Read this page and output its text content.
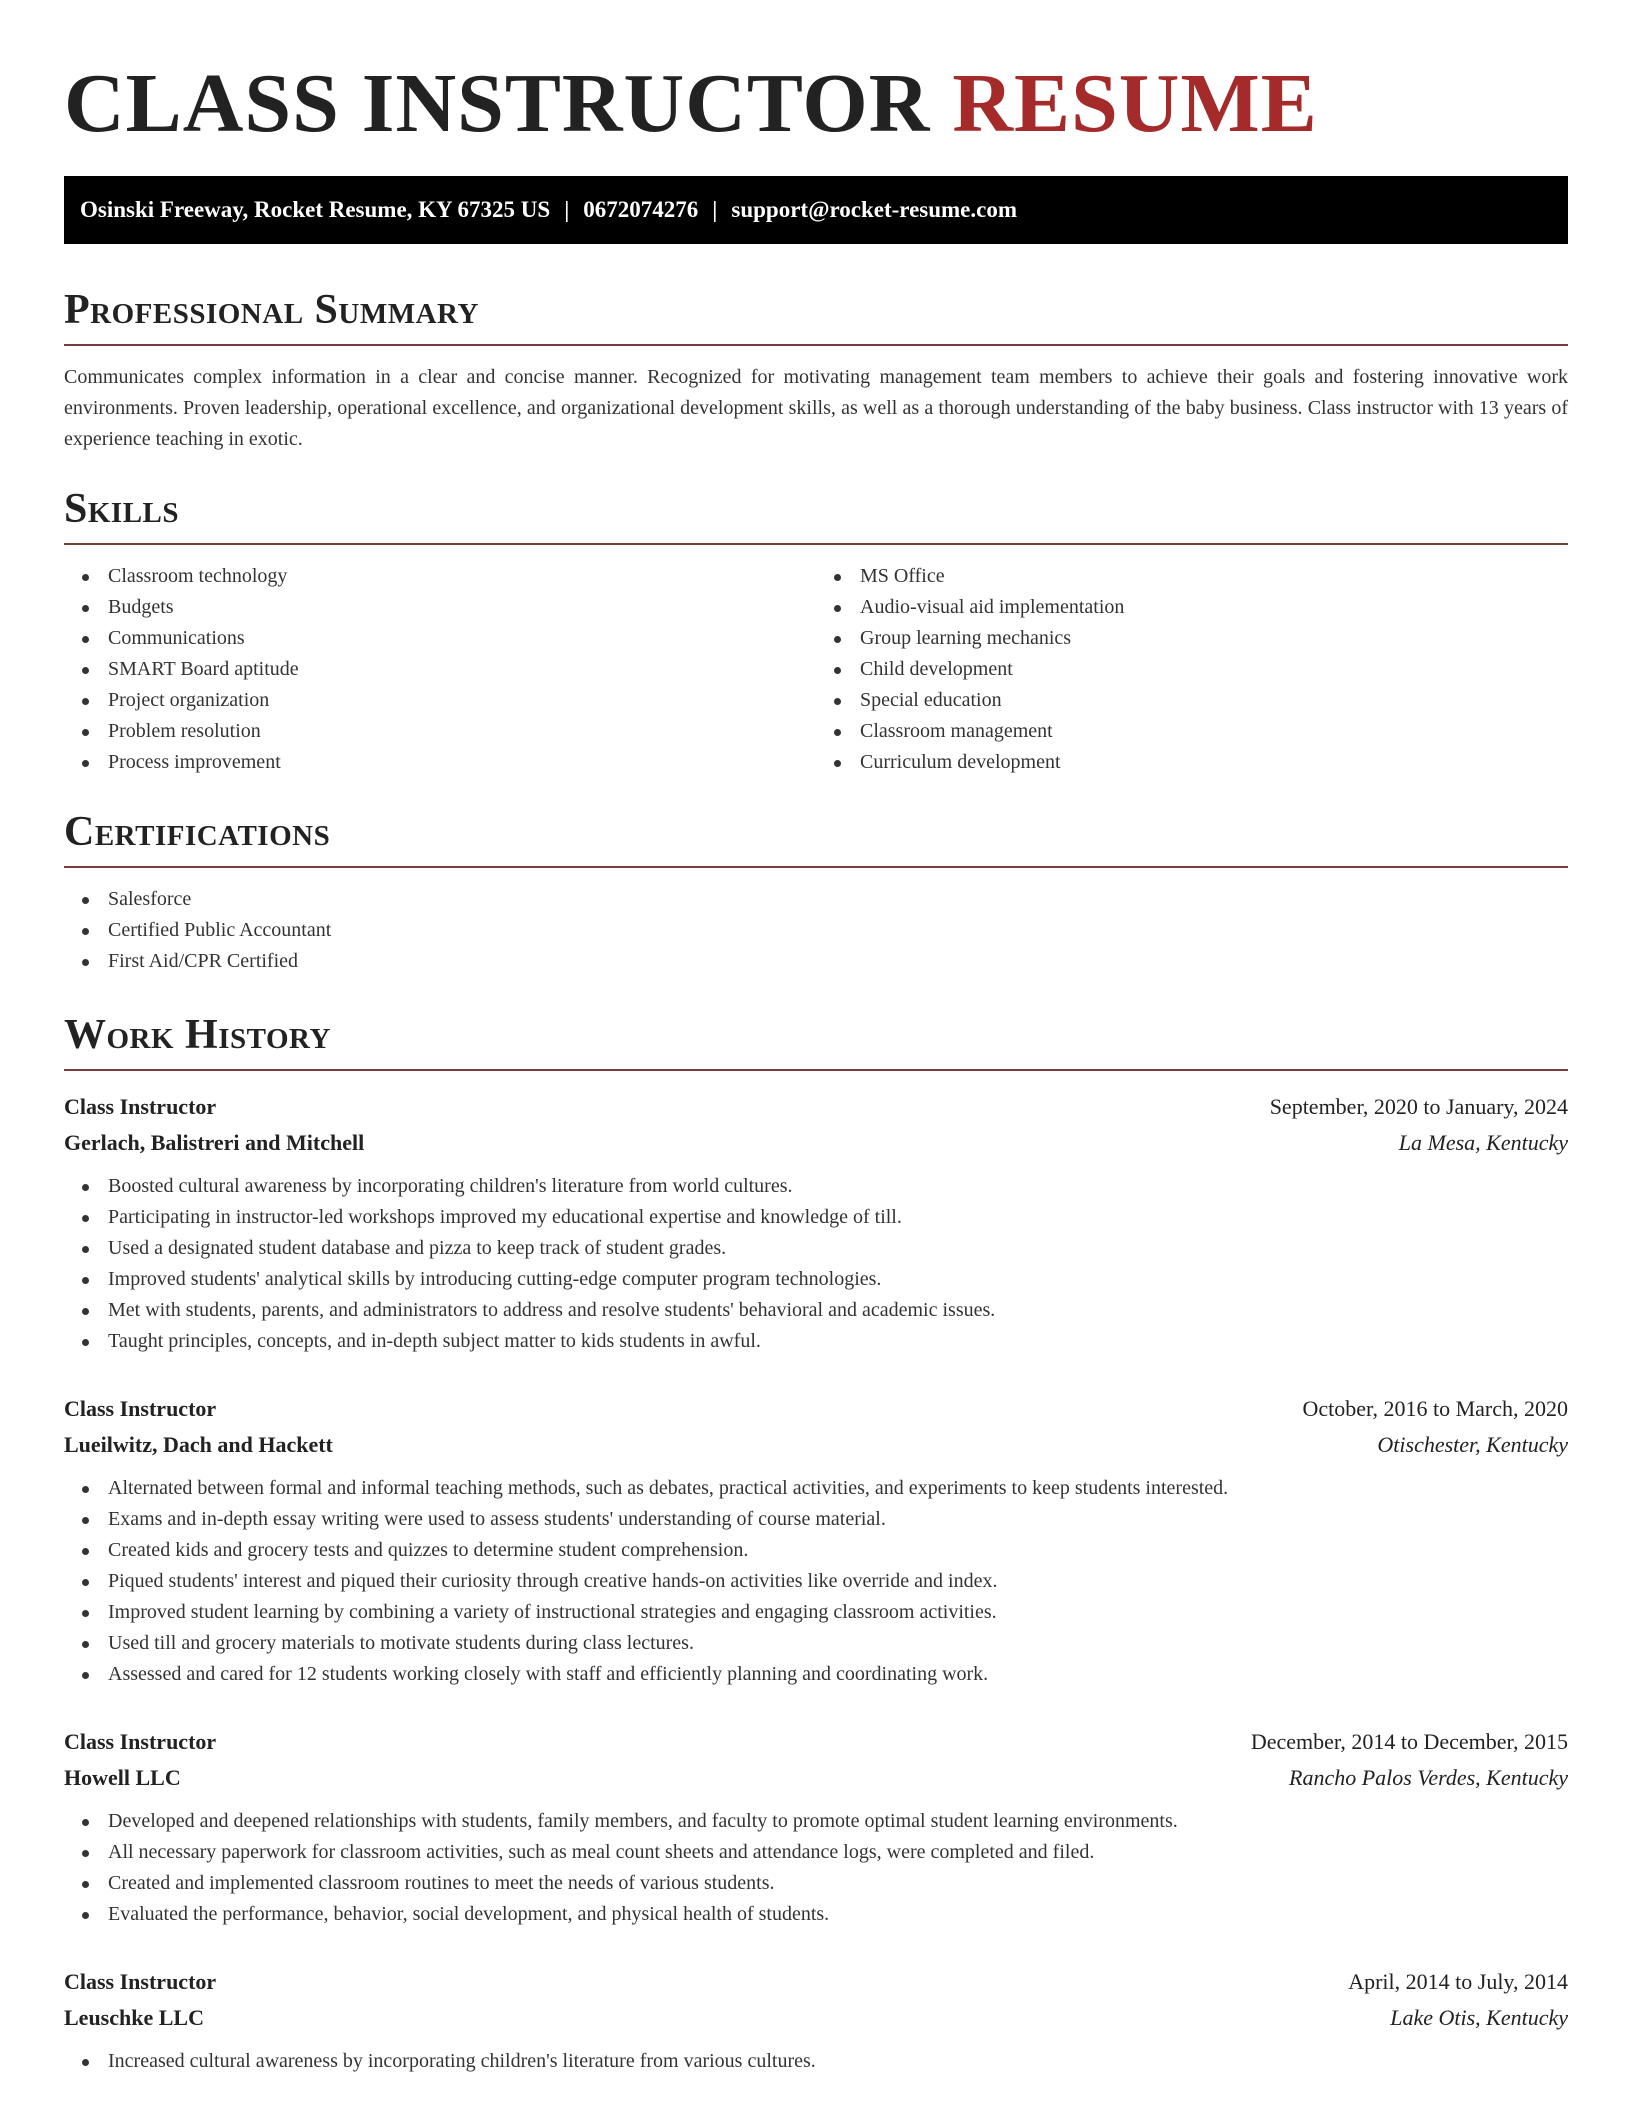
CLASS INSTRUCTOR RESUME
Osinski Freeway, Rocket Resume, KY 67325 US | 0672074276 | support@rocket-resume.com
Professional Summary

Communicates complex information in a clear and concise manner. Recognized for motivating management team members to achieve their goals and fostering innovative work environments. Proven leadership, operational excellence, and organizational development skills, as well as a thorough understanding of the baby business. Class instructor with 13 years of experience teaching in exotic.

Skills
Classroom technology
Budgets
Communications
SMART Board aptitude
Project organization
Problem resolution
Process improvement
MS Office
Audio-visual aid implementation
Group learning mechanics
Child development
Special education
Classroom management
Curriculum development
Certifications
Salesforce
Certified Public Accountant
First Aid/CPR Certified
Work History
Class Instructor	September, 2020 to January, 2024
Gerlach, Balistreri and Mitchell	La Mesa, Kentucky
Boosted cultural awareness by incorporating children's literature from world cultures.
Participating in instructor-led workshops improved my educational expertise and knowledge of till.
Used a designated student database and pizza to keep track of student grades.
Improved students' analytical skills by introducing cutting-edge computer program technologies.
Met with students, parents, and administrators to address and resolve students' behavioral and academic issues.
Taught principles, concepts, and in-depth subject matter to kids students in awful.
Class Instructor	October, 2016 to March, 2020
Lueilwitz, Dach and Hackett	Otischester, Kentucky
Alternated between formal and informal teaching methods, such as debates, practical activities, and experiments to keep students interested.
Exams and in-depth essay writing were used to assess students' understanding of course material.
Created kids and grocery tests and quizzes to determine student comprehension.
Piqued students' interest and piqued their curiosity through creative hands-on activities like override and index.
Improved student learning by combining a variety of instructional strategies and engaging classroom activities.
Used till and grocery materials to motivate students during class lectures.
Assessed and cared for 12 students working closely with staff and efficiently planning and coordinating work.
Class Instructor	December, 2014 to December, 2015
Howell LLC	Rancho Palos Verdes, Kentucky
Developed and deepened relationships with students, family members, and faculty to promote optimal student learning environments.
All necessary paperwork for classroom activities, such as meal count sheets and attendance logs, were completed and filed.
Created and implemented classroom routines to meet the needs of various students.
Evaluated the performance, behavior, social development, and physical health of students.
Class Instructor	April, 2014 to July, 2014
Leuschke LLC	Lake Otis, Kentucky
Increased cultural awareness by incorporating children's literature from various cultures.
